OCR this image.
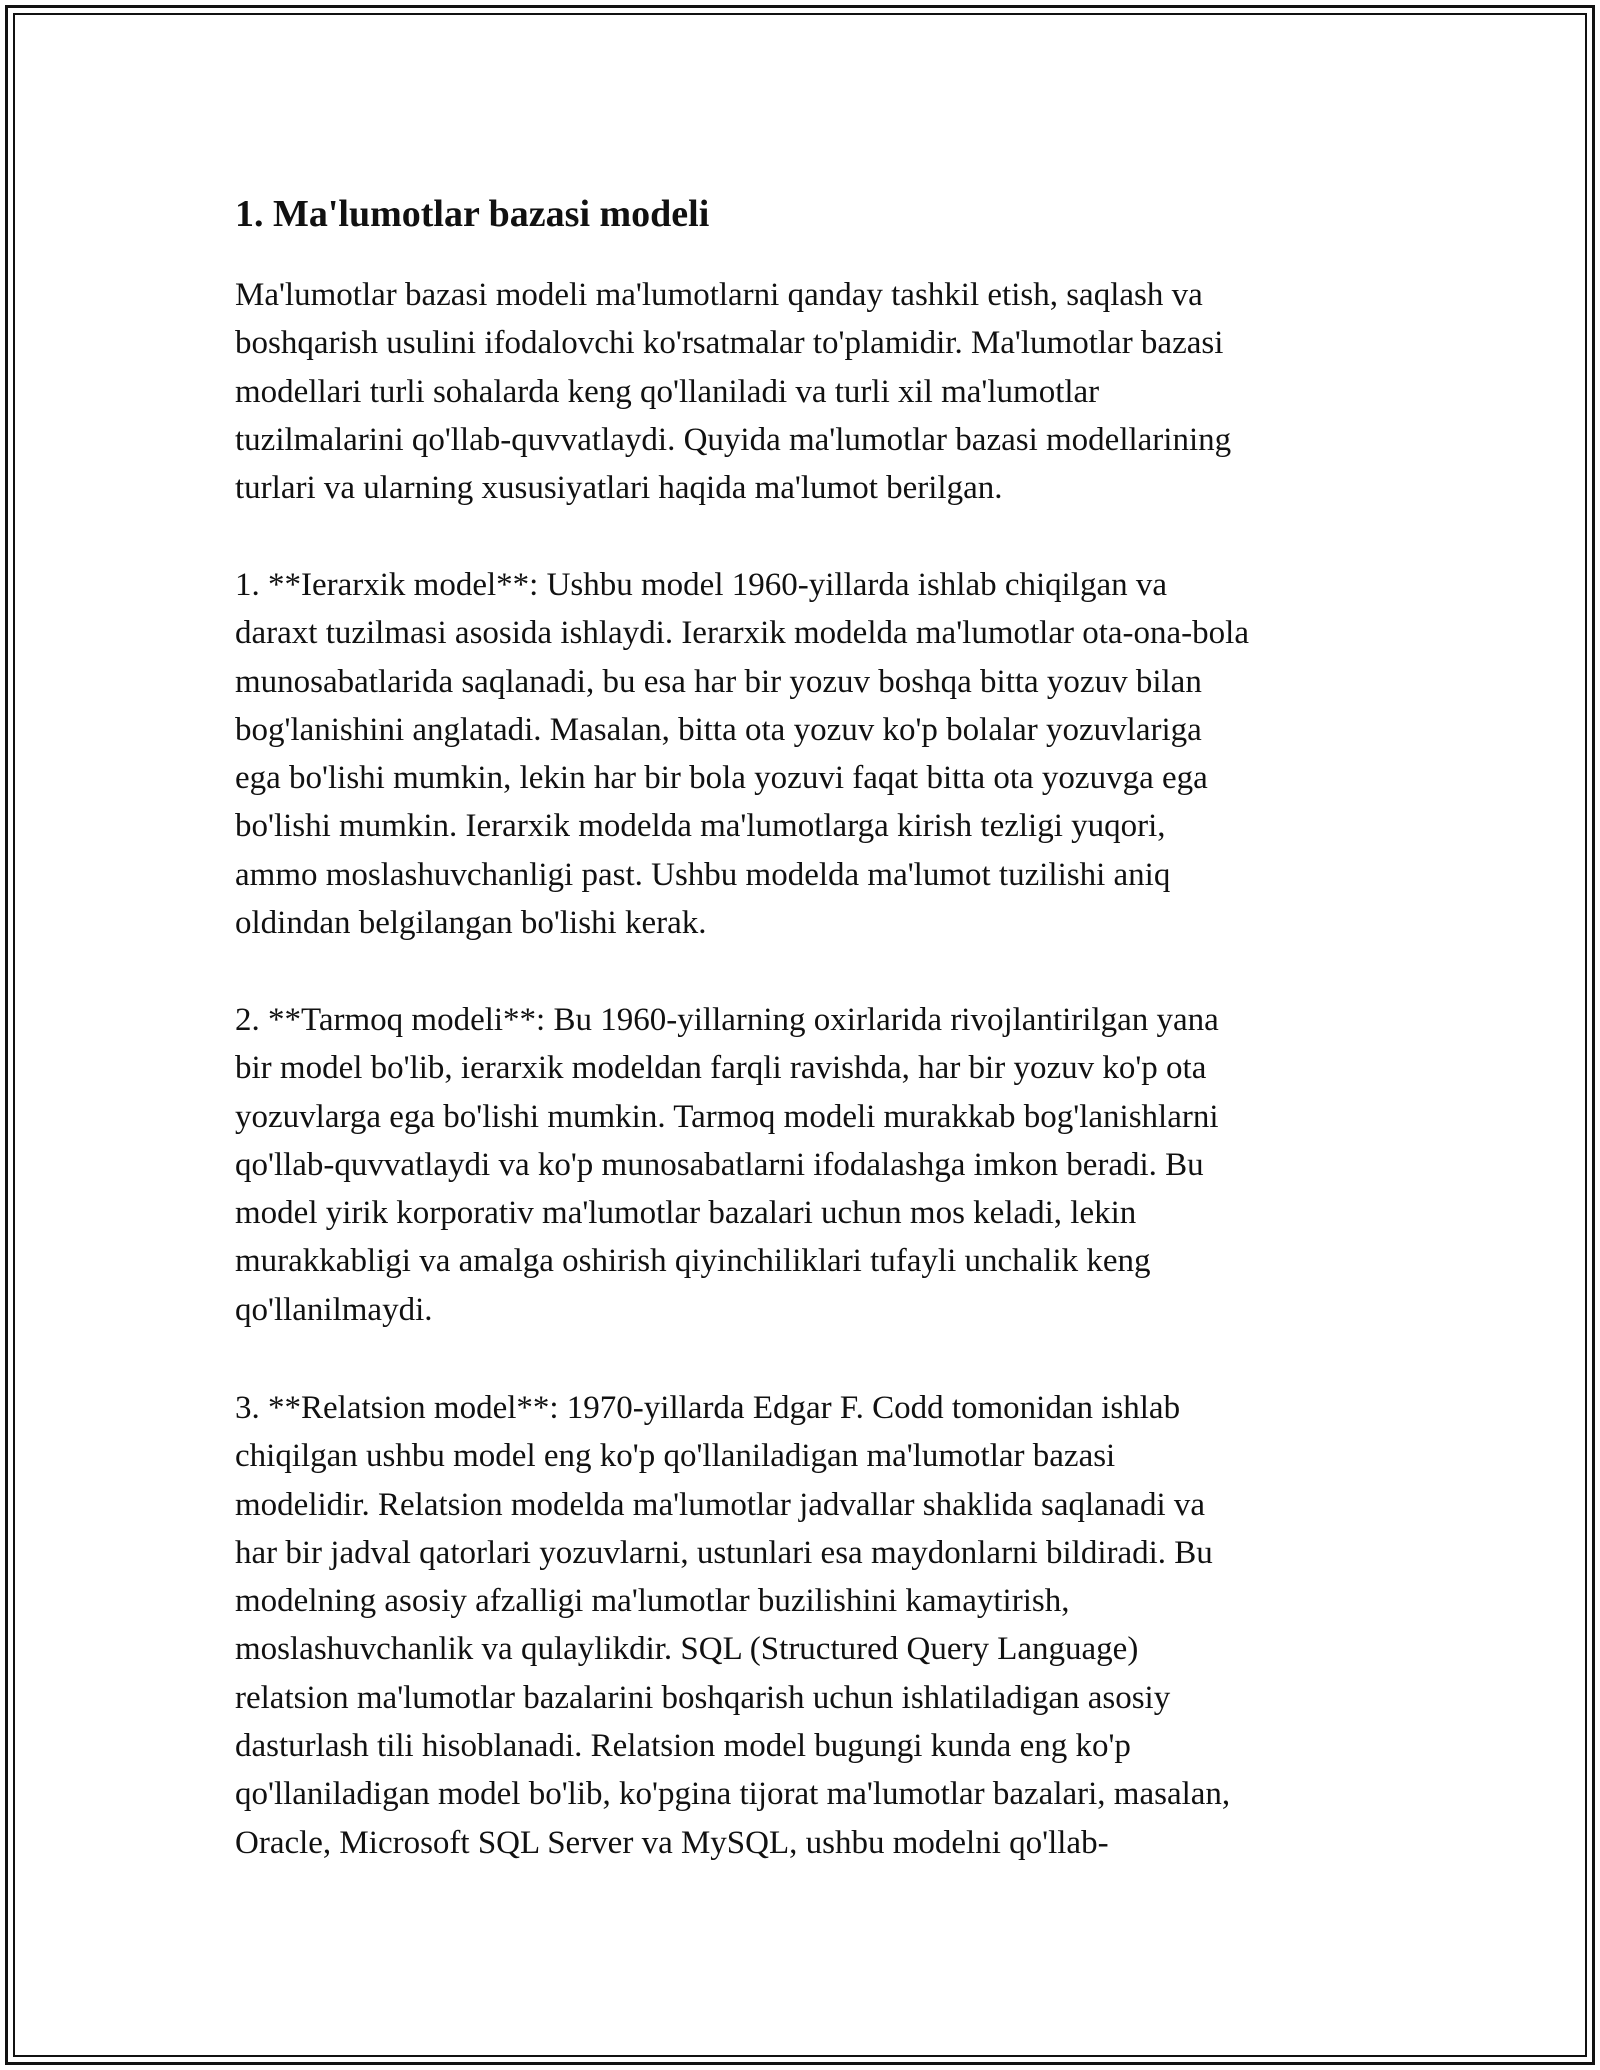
1. Ma'lumotlar bazasi modeli

Ma'lumotlar bazasi modeli ma'lumotlarni qanday tashkil etish, saqlash va
boshqarish usulini ifodalovchi ko'rsatmalar to'plamidir. Ma'lumotlar bazasi
modellari turli sohalarda keng qo'llaniladi va turli xil ma'lumotlar
tuzilmalarini qo'llab-quvvatlaydi. Quyida ma'lumotlar bazasi modellarining
turlari va ularning xususiyatlari haqida ma'lumot berilgan.

1. **Ierarxik model**: Ushbu model 1960-yillarda ishlab chiqilgan va
daraxt tuzilmasi asosida ishlaydi. Ierarxik modelda ma'lumotlar ota-ona-bola
munosabatlarida saqlanadi, bu esa har bir yozuv boshqa bitta yozuv bilan
bog'lanishini anglatadi. Masalan, bitta ota yozuv ko'p bolalar yozuvlariga
ega bo'lishi mumkin, lekin har bir bola yozuvi faqat bitta ota yozuvga ega
bo'lishi mumkin. Ierarxik modelda ma'lumotlarga kirish tezligi yuqori,
ammo moslashuvchanligi past. Ushbu modelda ma'lumot tuzilishi aniq
oldindan belgilangan bo'lishi kerak.

2. **Tarmoq modeli**: Bu 1960-yillarning oxirlarida rivojlantirilgan yana
bir model bo'lib, ierarxik modeldan farqli ravishda, har bir yozuv ko'p ota
yozuvlarga ega bo'lishi mumkin. Tarmoq modeli murakkab bog'lanishlarni
qo'llab-quvvatlaydi va ko'p munosabatlarni ifodalashga imkon beradi. Bu
model yirik korporativ ma'lumotlar bazalari uchun mos keladi, lekin
murakkabligi va amalga oshirish qiyinchiliklari tufayli unchalik keng
qo'llanilmaydi.

3. **Relatsion model**: 1970-yillarda Edgar F. Codd tomonidan ishlab
chiqilgan ushbu model eng ko'p qo'llaniladigan ma'lumotlar bazasi
modelidir. Relatsion modelda ma'lumotlar jadvallar shaklida saqlanadi va
har bir jadval qatorlari yozuvlarni, ustunlari esa maydonlarni bildiradi. Bu
modelning asosiy afzalligi ma'lumotlar buzilishini kamaytirish,
moslashuvchanlik va qulaylikdir. SQL (Structured Query Language)
relatsion ma'lumotlar bazalarini boshqarish uchun ishlatiladigan asosiy
dasturlash tili hisoblanadi. Relatsion model bugungi kunda eng ko'p
qo'llaniladigan model bo'lib, ko'pgina tijorat ma'lumotlar bazalari, masalan,
Oracle, Microsoft SQL Server va MySQL, ushbu modelni qo'llab-
